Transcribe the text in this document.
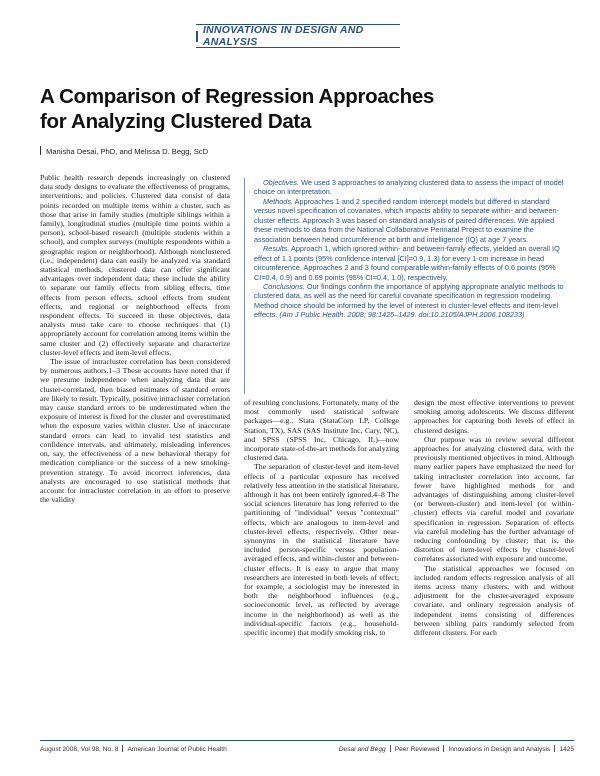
INNOVATIONS IN DESIGN AND ANALYSIS
A Comparison of Regression Approaches for Analyzing Clustered Data
Manisha Desai, PhD, and Melissa D. Begg, ScD

Public health research depends increasingly on clustered data study designs to evaluate the effectiveness of programs, interventions, and policies. Clustered data consist of data points recorded on multiple items within a cluster, such as those that arise in family studies (multiple siblings within a family), longitudinal studies (multiple time points within a person), school-based research (multiple students within a school), and complex surveys (multiple respondents within a geographic region or neighborhood). Although nonclustered (i.e., independent) data can easily be analyzed via standard statistical methods, clustered data can offer significant advantages over independent data; these include the ability to separate out family effects from sibling effects, time effects from person effects, school effects from student effects, and regional or neighborhood effects from respondent effects. To succeed in these objectives, data analysts must take care to choose techniques that (1) appropriately account for correlation among items within the same cluster and (2) effectively separate and characterize cluster-level effects and item-level effects.

The issue of intracluster correlation has been considered by numerous authors.1–3 These accounts have noted that if we presume independence when analyzing data that are cluster-correlated, then biased estimates of standard errors are likely to result. Typically, positive intracluster correlation may cause standard errors to be underestimated when the exposure of interest is fixed for the cluster and overestimated when the exposure varies within cluster. Use of inaccurate standard errors can lead to invalid test statistics and confidence intervals, and ultimately, misleading inferences on, say, the effectiveness of a new behavioral therapy for medication compliance or the success of a new smoking-prevention strategy. To avoid incorrect inferences, data analysts are encouraged to use statistical methods that account for intracluster correlation in an effort to preserve the validity

Objectives. We used 3 approaches to analyzing clustered data to assess the impact of model choice on interpretation.

Methods. Approaches 1 and 2 specified random intercept models but differed in standard versus novel specification of covariates, which impacts ability to separate within- and between-cluster effects. Approach 3 was based on standard analysis of paired differences. We applied these methods to data from the National Collaborative Perinatal Project to examine the association between head circumference at birth and intelligence (IQ) at age 7 years.

Results. Approach 1, which ignored within- and between-family effects, yielded an overall IQ effect of 1.1 points (95% confidence interval [CI]=0.9, 1.3) for every 1-cm increase in head circumference. Approaches 2 and 3 found comparable within-family effects of 0.6 points (95% CI=0.4, 0.9) and 0.69 points (95% CI=0.4, 1.0), respectively.

Conclusions. Our findings confirm the importance of applying appropriate analytic methods to clustered data, as well as the need for careful covariate specification in regression modeling. Method choice should be informed by the level of interest in cluster-level effects and item-level effects. (Am J Public Health. 2008; 98:1425–1429. doi:10.2105/AJPH.2006.108233)

of resulting conclusions. Fortunately, many of the most commonly used statistical software packages—e.g., Stata (StataCorp LP, College Station, TX), SAS (SAS Institute Inc, Cary, NC), and SPSS (SPSS Inc, Chicago, IL)—now incorporate state-of-the-art methods for analyzing clustered data.

The separation of cluster-level and item-level effects of a particular exposure has received relatively less attention in the statistical literature, although it has not been entirely ignored.4–8 The social sciences literature has long referred to the partitioning of "individual" versus "contextual" effects, which are analogous to item-level and cluster-level effects, respectively. Other near-synonyms in the statistical literature have included person-specific versus population-averaged effects, and within-cluster and between-cluster effects. It is easy to argue that many researchers are interested in both levels of effect; for example, a sociologist may be interested in both the neighborhood influences (e.g., socioeconomic level, as reflected by average income in the neighborhood) as well as the individual-specific factors (e.g., household-specific income) that modify smoking risk, to

design the most effective interventions to prevent smoking among adolescents. We discuss different approaches for capturing both levels of effect in clustered designs.

Our purpose was to review several different approaches for analyzing clustered data, with the previously mentioned objectives in mind. Although many earlier papers have emphasized the need for taking intracluster correlation into account, far fewer have highlighted methods for and advantages of distinguishing among cluster-level (or between-cluster) and item-level (or within-cluster) effects via careful model and covariate specification in regression. Separation of effects via careful modeling has the further advantage of reducing confounding by cluster; that is, the distortion of item-level effects by cluster-level correlates associated with exposure and outcome.

The statistical approaches we focused on included random effects regression analysis of all items across many clusters, with and without adjustment for the cluster-averaged exposure covariate, and ordinary regression analysis of independent items consisting of differences between sibling pairs randomly selected from different clusters. For each

August 2008, Vol 98, No. 8 American Journal of Public Health	Desai and Begg Peer Reviewed Innovations in Design and Analysis 1425
